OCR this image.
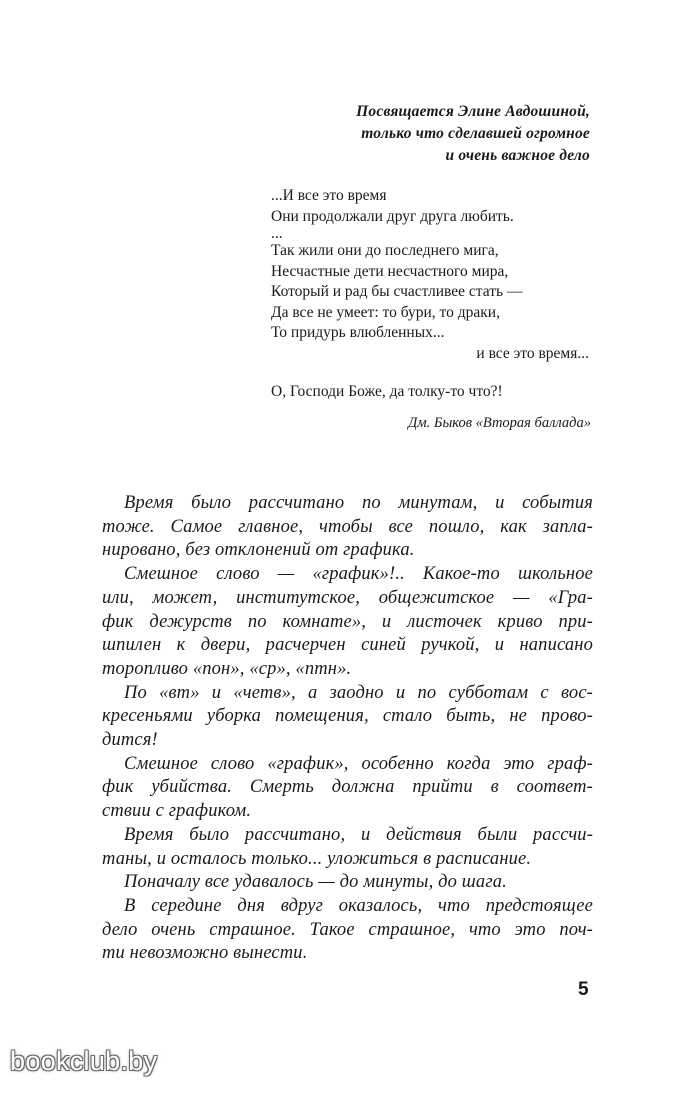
Посвящается Элине Авдошиной,
только что сделавшей огромное
и очень важное дело
...И все это время
Они продолжали друг друга любить.
...
Так жили они до последнего мига,
Несчастные дети несчастного мира,
Который и рад бы счастливее стать —
Да все не умеет: то бури, то драки,
То придурь влюбленных...
и все это время...
О, Господи Боже, да толку-то что?!
Дм. Быков «Вторая баллада»
Время было рассчитано по минутам, и события
тоже. Самое главное, чтобы все пошло, как запла-
нировано, без отклонений от графика.
Смешное слово — «график»!.. Какое-то школьное
или, может, институтское, общежитское — «Гра-
фик дежурств по комнате», и листочек криво при-
шпилен к двери, расчерчен синей ручкой, и написано
торопливо «пон», «ср», «птн».
По «вт» и «четв», а заодно и по субботам с вос-
кресеньями уборка помещения, стало быть, не прово-
дится!
Смешное слово «график», особенно когда это граф-
фик убийства. Смерть должна прийти в соответ-
ствии с графиком.
Время было рассчитано, и действия были рассчи-
таны, и осталось только... уложиться в расписание.
Поначалу все удавалось — до минуты, до шага.
В середине дня вдруг оказалось, что предстоящее
дело очень страшное. Такое страшное, что это поч-
ти невозможно вынести.
5
bookclub.by
